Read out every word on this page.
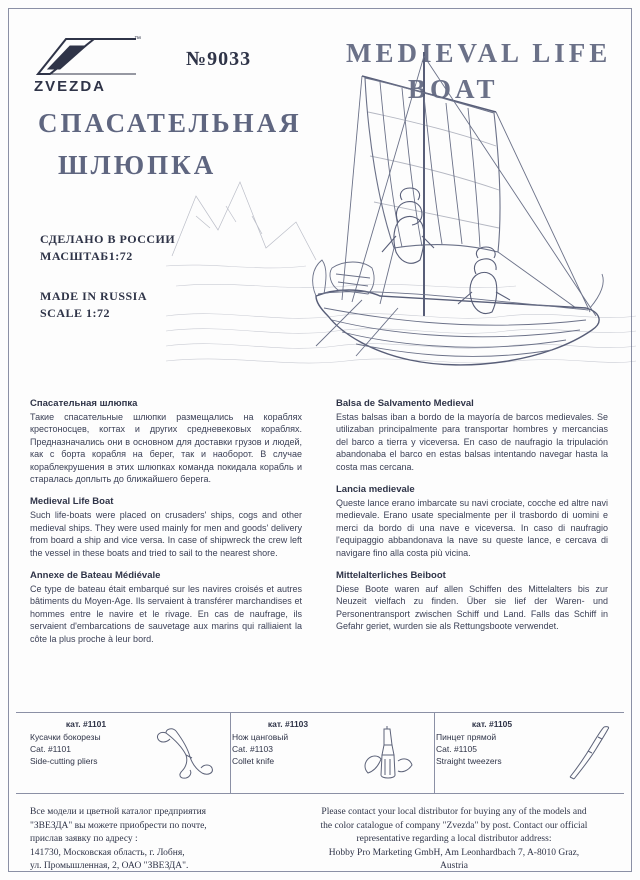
™
ZVEZDA
№9033	MEDIEVAL LIFE
BOAT
СПАСАТЕЛЬНАЯ
ШЛЮПКА
СДЕЛАНО В РОССИИ
МАСШТАБ1:72
MADE IN RUSSIA
SCALE 1:72
Спасательная шлюпка

Такие спасательные шлюпки размещались на кораблях крестоносцев, когтах и других средневековых кораблях. Предназначались они в основном для доставки грузов и людей, как с борта корабля на берег, так и наоборот. В случае кораблекрушения в этих шлюпках команда покидала корабль и старалась доплыть до ближайшего берега.

Medieval Life Boat

Such life-boats were placed on crusaders' ships, cogs and other medieval ships. They were used mainly for men and goods' delivery from board a ship and vice versa. In case of shipwreck the crew left the vessel in these boats and tried to sail to the nearest shore.

Annexe de Bateau Médiévale

Ce type de bateau était embarqué sur les navires croisés et autres bâtiments du Moyen-Age. Ils servaient à transférer marchandises et hommes entre le navire et le rivage. En cas de naufrage, ils servaient d'embarcations de sauvetage aux marins qui ralliaient la côte la plus proche à leur bord.

Balsa de Salvamento Medieval

Estas balsas iban a bordo de la mayoría de barcos medievales. Se utilizaban principalmente para transportar hombres y mercancias del barco a tierra y viceversa. En caso de naufragio la tripulación abandonaba el barco en estas balsas intentando navegar hasta la costa mas cercana.

Lancia medievale

Queste lance erano imbarcate su navi crociate, cocche ed altre navi medievale. Erano usate specialmente per il trasbordo di uomini e merci da bordo di una nave e viceversa. In caso di naufragio l'equipaggio abbandonava la nave su queste lance, e cercava di navigare fino alla costa più vicina.

Mittelalterliches Beiboot

Diese Boote waren auf allen Schiffen des Mittelalters bis zur Neuzeit vielfach zu finden. Über sie lief der Waren- und Personentransport zwischen Schiff und Land. Falls das Schiff in Gefahr geriet, wurden sie als Rettungsboote verwendet.

кат. #1101
Кусачки бокорезы
Cat. #1101
Side-cutting pliers
кат. #1103
Нож цанговый
Cat. #1103
Collet knife
кат. #1105
Пинцет прямой
Cat. #1105
Straight tweezers
Все модели и цветной каталог предприятия
"ЗВЕЗДА" вы можете приобрести по почте,
прислав заявку по адресу :
141730, Московская область, г. Лобня,
ул. Промышленная, 2, ОАО "ЗВЕЗДА".
Please contact your local distributor for buying any of the models and
the color catalogue of company "Zvezda" by post. Contact our official
representative regarding a local distributor address:
Hobby Pro Marketing GmbH, Am Leonhardbach 7, A-8010 Graz,
Austria
